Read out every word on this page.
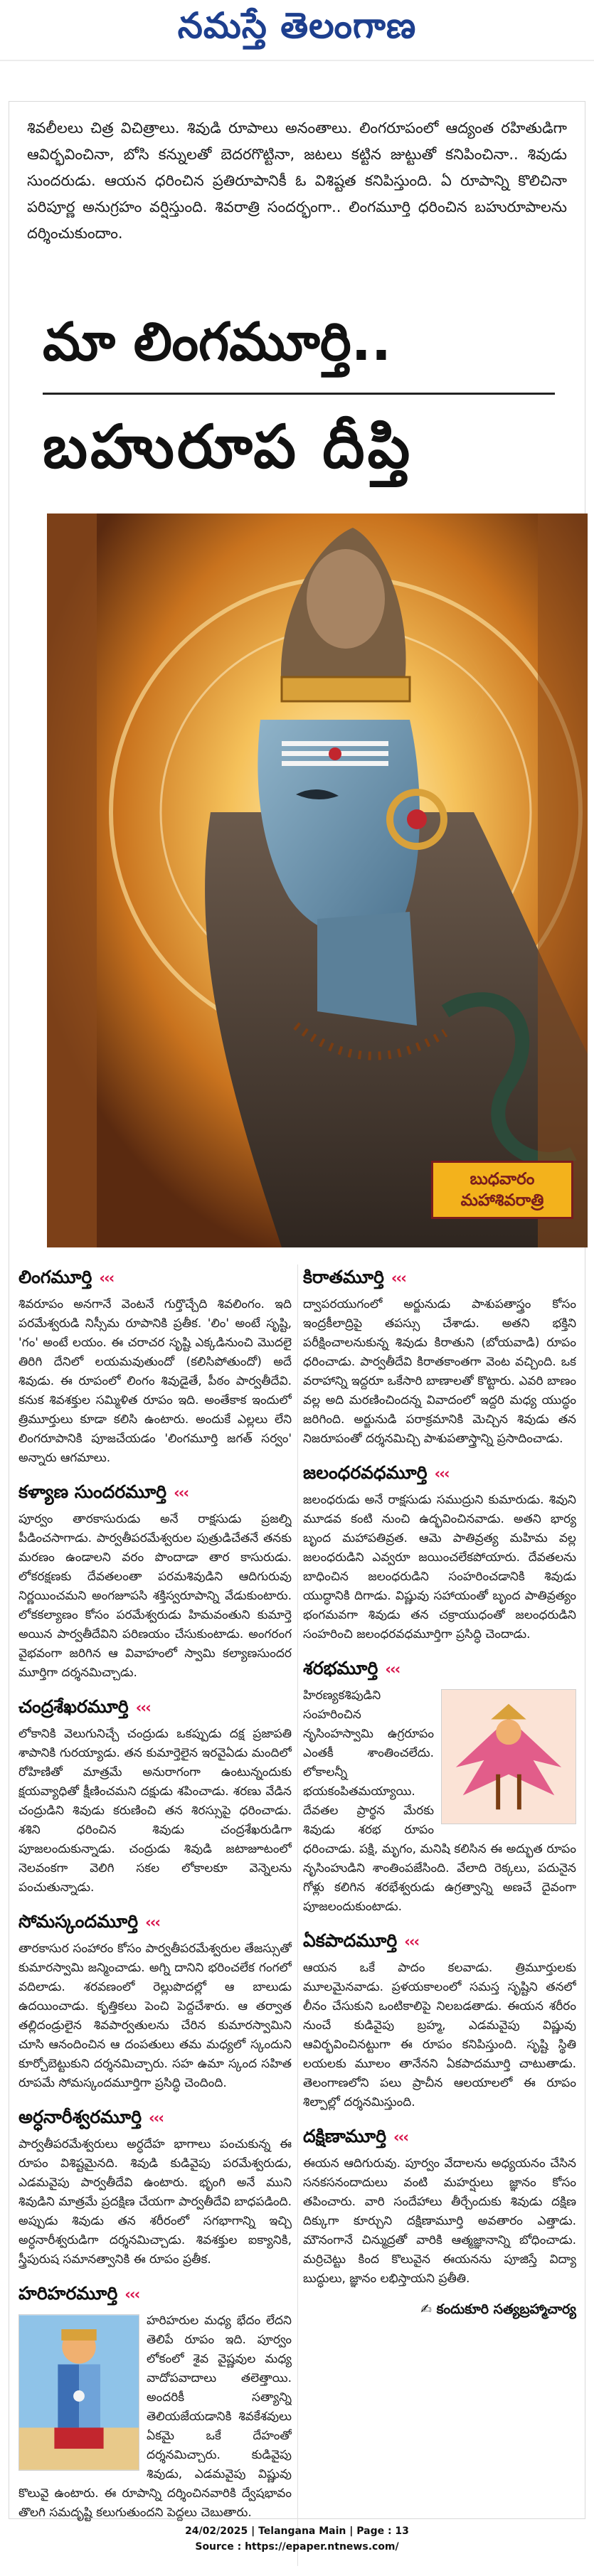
నమస్తే తెలంగాణ

శివలీలలు చిత్ర విచిత్రాలు. శివుడి రూపాలు అనంతాలు. లింగరూపంలో ఆద్యంత రహితుడిగా ఆవిర్భవించినా, బోసి కన్నులతో బెదరగొట్టినా, జటలు కట్టిన జుట్టుతో కనిపించినా.. శివుడు సుందరుడు. ఆయన ధరించిన ప్రతిరూపానికీ ఓ విశిష్టత కనిపిస్తుంది. ఏ రూపాన్ని కొలిచినా పరిపూర్ణ అనుగ్రహం వర్షిస్తుంది. శివరాత్రి సందర్భంగా.. లింగమూర్తి ధరించిన బహురూపాలను దర్శించుకుందాం.

మా లింగమూర్తి..
బహురూప దీప్తి
బుధవారం
మహాశివరాత్రి
లింగమూర్తి ‹‹‹
శివరూపం అనగానే వెంటనే గుర్తొచ్చేది శివలింగం. ఇది పరమేశ్వరుడి నిస్సీమ రూపానికి ప్రతీక. 'లిం' అంటే సృష్టి, 'గం' అంటే లయం. ఈ చరాచర సృష్టి ఎక్కడినుంచి మొదలై తిరిగి దేనిలో లయమవుతుందో (కలిసిపోతుందో) అదే శివుడు. ఈ రూపంలో లింగం శివుడైతే, పీఠం పార్వతీదేవి. కనుక శివశక్తుల సమ్మిళిత రూపం ఇది. అంతేకాక ఇందులో త్రిమూర్తులు కూడా కలిసి ఉంటారు. అందుకే ఎల్లలు లేని లింగరూపానికి పూజచేయడం 'లింగమూర్తి జగత్ సర్వం' అన్నారు ఆగమాలు.
కళ్యాణ సుందరమూర్తి ‹‹‹
పూర్వం తారకాసురుడు అనే రాక్షసుడు ప్రజల్ని పీడించసాగాడు. పార్వతీపరమేశ్వరుల పుత్రుడిచేతనే తనకు మరణం ఉండాలని వరం పొందాడా తార కాసురుడు. లోకరక్షణకు దేవతలంతా పరమశివుడిని ఆదిగురువు నిర్ణయించమని అంగజూపసి శక్తిస్వరూపాన్ని వేడుకుంటారు. లోకకల్యాణం కోసం పరమేశ్వరుడు హిమవంతుని కుమార్తె అయిన పార్వతీదేవిని పరిణయం చేసుకుంటాడు. అంగరంగ వైభవంగా జరిగిన ఆ వివాహంలో స్వామి కల్యాణసుందర మూర్తిగా దర్శనమిచ్చాడు.
చంద్రశేఖరమూర్తి ‹‹‹
లోకానికి వెలుగునిచ్చే చంద్రుడు ఒకప్పుడు దక్ష ప్రజాపతి శాపానికి గురయ్యాడు. తన కుమార్తెలైన ఇరవైఏడు మందిలో రోహిణితో మాత్రమే అనురాగంగా ఉంటున్నందుకు క్షయవ్యాధితో క్షీణించమని దక్షుడు శపించాడు. శరణు వేడిన చంద్రుడిని శివుడు కరుణించి తన శిరస్సుపై ధరించాడు. శశిని ధరించిన శివుడు చంద్రశేఖరుడిగా పూజలందుకున్నాడు. చంద్రుడు శివుడి జటాజూటంలో నెలవంకగా వెలిగి సకల లోకాలకూ వెన్నెలను పంచుతున్నాడు.
సోమస్కందమూర్తి ‹‹‹
తారకాసుర సంహారం కోసం పార్వతీపరమేశ్వరుల తేజస్సుతో కుమారస్వామి జన్మించాడు. అగ్ని దానిని భరించలేక గంగలో వదిలాడు. శరవణంలో రెల్లుపొదల్లో ఆ బాలుడు ఉదయించాడు. కృత్తికలు పెంచి పెద్దచేశారు. ఆ తర్వాత తల్లిదండ్రులైన శివపార్వతులను చేరిన కుమారస్వామిని చూసి ఆనందించిన ఆ దంపతులు తమ మధ్యలో స్కందుని కూర్చోబెట్టుకుని దర్శనమిచ్చారు. సహ ఉమా స్కంద సహిత రూపమే సోమస్కందమూర్తిగా ప్రసిద్ధి చెందింది.
అర్ధనారీశ్వరమూర్తి ‹‹‹
పార్వతీపరమేశ్వరులు అర్ధదేహ భాగాలు పంచుకున్న ఈ రూపం విశిష్టమైనది. శివుడి కుడివైపు పరమేశ్వరుడు, ఎడమవైపు పార్వతీదేవి ఉంటారు. భృంగి అనే ముని శివుడిని మాత్రమే ప్రదక్షిణ చేయగా పార్వతీదేవి బాధపడింది. అప్పుడు శివుడు తన శరీరంలో సగభాగాన్ని ఇచ్చి అర్ధనారీశ్వరుడిగా దర్శనమిచ్చాడు. శివశక్తుల ఐక్యానికి, స్త్రీపురుష సమానత్వానికి ఈ రూపం ప్రతీక.
హరిహరమూర్తి ‹‹‹
హరిహరుల మధ్య భేదం లేదని తెలిపే రూపం ఇది. పూర్వం లోకంలో శైవ వైష్ణవుల మధ్య వాదోపవాదాలు తలెత్తాయి. అందరికీ సత్యాన్ని తెలియజేయడానికి శివకేశవులు ఏకమై ఒకే దేహంతో దర్శనమిచ్చారు. కుడివైపు శివుడు, ఎడమవైపు విష్ణువు కొలువై ఉంటారు. ఈ రూపాన్ని దర్శించినవారికి ద్వేషభావం తొలగి సమదృష్టి కలుగుతుందని పెద్దలు చెబుతారు.
కిరాతమూర్తి ‹‹‹
ద్వాపరయుగంలో అర్జునుడు పాశుపతాస్త్రం కోసం ఇంద్రకీలాద్రిపై తపస్సు చేశాడు. అతని భక్తిని పరీక్షించాలనుకున్న శివుడు కిరాతుని (బోయవాడి) రూపం ధరించాడు. పార్వతీదేవి కిరాతకాంతగా వెంట వచ్చింది. ఒక వరాహాన్ని ఇద్దరూ ఒకేసారి బాణాలతో కొట్టారు. ఎవరి బాణం వల్ల అది మరణించిందన్న వివాదంలో ఇద్దరి మధ్య యుద్ధం జరిగింది. అర్జునుడి పరాక్రమానికి మెచ్చిన శివుడు తన నిజరూపంతో దర్శనమిచ్చి పాశుపతాస్త్రాన్ని ప్రసాదించాడు.
జలంధరవధమూర్తి ‹‹‹
జలంధరుడు అనే రాక్షసుడు సముద్రుని కుమారుడు. శివుని మూడవ కంటి నుంచి ఉద్భవించినవాడు. అతని భార్య బృంద మహాపతివ్రత. ఆమె పాతివ్రత్య మహిమ వల్ల జలంధరుడిని ఎవ్వరూ జయించలేకపోయారు. దేవతలను బాధించిన జలంధరుడిని సంహరించడానికి శివుడు యుద్ధానికి దిగాడు. విష్ణువు సహాయంతో బృంద పాతివ్రత్యం భంగమవగా శివుడు తన చక్రాయుధంతో జలంధరుడిని సంహరించి జలంధరవధమూర్తిగా ప్రసిద్ధి చెందాడు.
శరభమూర్తి ‹‹‹
హిరణ్యకశిపుడిని సంహరించిన నృసింహస్వామి ఉగ్రరూపం ఎంతకీ శాంతించలేదు. లోకాలన్నీ భయకంపితమయ్యాయి. దేవతల ప్రార్థన మేరకు శివుడు శరభ రూపం ధరించాడు. పక్షి, మృగం, మనిషి కలిసిన ఈ అద్భుత రూపం నృసింహుడిని శాంతింపజేసింది. వేలాది రెక్కలు, పదునైన గోళ్లు కలిగిన శరభేశ్వరుడు ఉగ్రత్వాన్ని అణచే దైవంగా పూజలందుకుంటాడు.
ఏకపాదమూర్తి ‹‹‹
ఆయన ఒకే పాదం కలవాడు. త్రిమూర్తులకు మూలమైనవాడు. ప్రళయకాలంలో సమస్త సృష్టిని తనలో లీనం చేసుకుని ఒంటికాలిపై నిలబడతాడు. ఈయన శరీరం నుంచే కుడివైపు బ్రహ్మ, ఎడమవైపు విష్ణువు ఆవిర్భవించినట్టుగా ఈ రూపం కనిపిస్తుంది. సృష్టి స్థితి లయలకు మూలం తానేనని ఏకపాదమూర్తి చాటుతాడు. తెలంగాణలోని పలు ప్రాచీన ఆలయాలలో ఈ రూపం శిల్పాల్లో దర్శనమిస్తుంది.
దక్షిణామూర్తి ‹‹‹
ఈయన ఆదిగురువు. పూర్వం వేదాలను అధ్యయనం చేసిన సనకసనందాదులు వంటి మహర్షులు జ్ఞానం కోసం తపించారు. వారి సందేహాలు తీర్చేందుకు శివుడు దక్షిణ దిక్కుగా కూర్చుని దక్షిణామూర్తి అవతారం ఎత్తాడు. మౌనంగానే చిన్ముద్రతో వారికి ఆత్మజ్ఞానాన్ని బోధించాడు. మర్రిచెట్టు కింద కొలువైన ఈయనను పూజిస్తే విద్యా బుద్ధులు, జ్ఞానం లభిస్తాయని ప్రతీతి.
✍ కందుకూరి సత్యబ్రహ్మాచార్య
24/02/2025 | Telangana Main | Page : 13
Source : https://epaper.ntnews.com/
